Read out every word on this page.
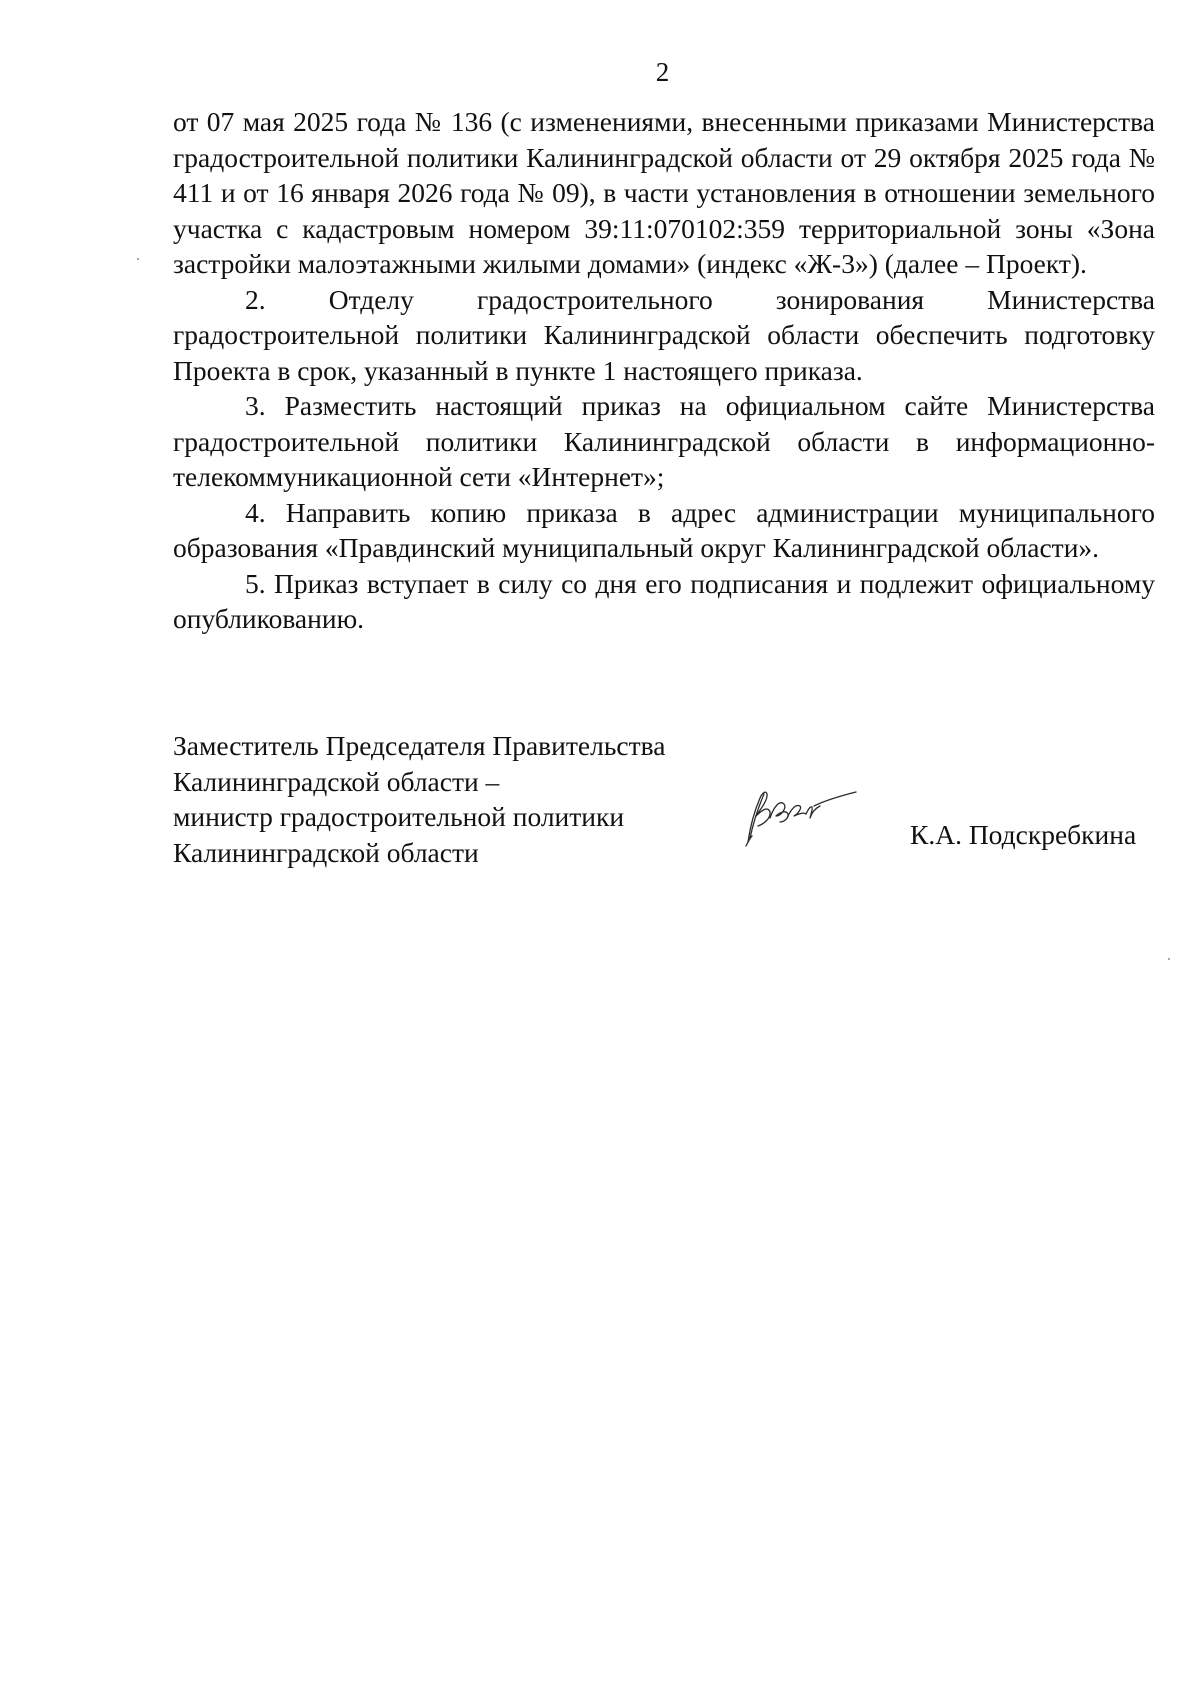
2

от 07 мая 2025 года № 136 (с изменениями, внесенными приказами Министерства градостроительной политики Калининградской области от 29 октября 2025 года № 411 и от 16 января 2026 года № 09), в части установления в отношении земельного участка с кадастровым номером 39:11:070102:359 территориальной зоны «Зона застройки малоэтажными жилыми домами» (индекс «Ж-3») (далее – Проект).

2. Отделу градостроительного зонирования Министерства градостроительной политики Калининградской области обеспечить подготовку Проекта в срок, указанный в пункте 1 настоящего приказа.

3. Разместить настоящий приказ на официальном сайте Министерства градостроительной политики Калининградской области в информационно-телекоммуникационной сети «Интернет»;

4. Направить копию приказа в адрес администрации муниципального образования «Правдинский муниципальный округ Калининградской области».

5. Приказ вступает в силу со дня его подписания и подлежит официальному опубликованию.

Заместитель Председателя Правительства
Калининградской области –
министр градостроительной политики
Калининградской области
К.А. Подскребкина
